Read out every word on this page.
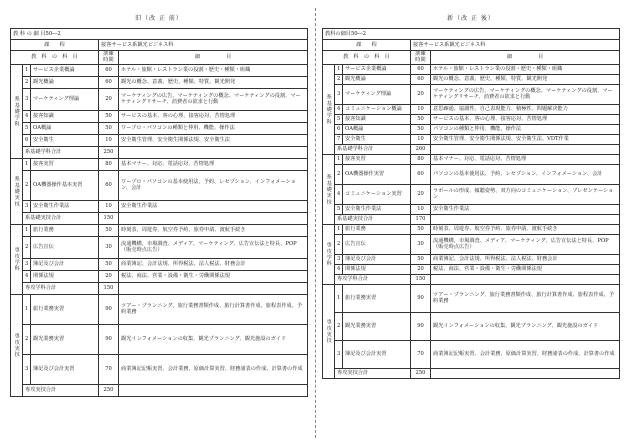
旧（改 正 前）
教 科 の 細 目50―2				
課　　程			接客サービス系観光ビジネス科	
教　科　の　科　目			訓練時間	細　　　　　目
系基礎学科	1	サービス企業概論	60	ホテル・旅館・レストラン業の役割・歴史・種類・組織
	2	観光概論	60	観光の概念、意義、歴史、種類、特質、観光開発
	3	マーケティング理論	20	マーケティングの広告、マーケティングの概念、マーケティングの役割、マーケティングリサーチ、消費者の欲求と行動
	4	接客知識	50	サービスの基本、客の心理、接客応対、苦情処理
	5	OA概論	50	ワープロ・パソコンの種類と仲用、機能、操作法
	6	安全衛生	10	安全衛生管理、安全衛生関係法規、安全衛生法
	系基礎学科合計		250	
系基礎実技	1	接客実習	80	基本マナー、対応、電話応対、苦情処理
	2	OA機器操作基本実習	60	ワープロ・パソコンの基本使用法、予約、レセプション、インフォメーション、会計
	3	安全衛生作業法	10	安全衛生作業法
	系基礎実技合計		150	
専攻学科	1	旅行業務	50	時刻表、周遊券、航空券予約、旅券申請、渡航手続き
	2	広告宣伝	30	流通機構、市場調査、メディア、マーケティング、広告宣伝法と特長、POP（販売時点広告）
	3	簿記及び会計	50	商業簿記、会計法規、所得税法、法人税法、財務会計
	4	関係法規	20	税法、商法、営業・設備・衛生・労働関係法規
	専攻学科合計		150	
専攻実技	1	旅行業務実習	90	ツアー・プランニング、旅行業務書類作成、旅行計算書作成、旅程表作成、予約業務
	2	観光業務実習	90	観光インフォメーションの収集、観光プランニング、観光施設のガイド
	3	簿記及び会計実習	70	商業簿記記帳実習、会計業務、原価計算実習、財務諸表の作成、計算書の作成
	専攻実技合計		250	
新（改 正 後）
教科の細目50―2				
課　　程			接客サービス系観光ビジネス科	
教　科　の　科　目			訓練時間	細　　　　　目
系基礎学科	1	サービス企業概論	60	ホテル・旅館・レストラン業の役割・歴史・種類・組織
	2	観光概論	60	観光の概念、意義、歴史、種類、特質、観光開発
	3	マーケティング理論	20	マーケティングの広告、マーケティングの概念、マーケティングの役割、マーケティングリサーチ、消費者の欲求と行動
	4	コミュニケーション概論	10	意思疎通、協調性、自己表現能力、積極性、問題解決能力
	5	接客知識	50	サービスの基本、客の心理、接客応対、苦情処理
	6	OA概論	50	パソコンの種類と仲用、機能、操作法
	7	安全衛生	10	安全衛生管理、安全衛生関係法規、安全衛生法、VDT作業
	系基礎学科合計		260	
系基礎実技	1	接客実習	80	基本マナー、対応、電話応対、苦情処理
	2	OA機器操作実習	60	パソコンの基本使用法、予約、レセプション、インフォメーション、会計
	4	コミュニケーション実習	20	ラポールの形成、傾聴姿勢、双方向のコミュニケーション、プレゼンテーション
	5	安全衛生作業法	10	安全衛生作業法
	系基礎実技合計		170	
専攻学科	1	旅行業務	50	時刻表、周遊券、航空券予約、旅券申請、渡航手続き
	2	広告宣伝	30	流通機構、市場調査、メディア、マーケティング、広告宣伝法と特長、POP（販売時点広告）
	3	簿記及び会計	50	商業簿記、会計法規、所得税法、法人税法、財務会計
	4	関係法規	20	税法、商法、営業・設備・衛生・労働関係法規
	専攻学科合計		150	
専攻実技	1	旅行業務実習	90	ツアー・プランニング、旅行業務書類作成、旅行計算書作成、旅程表作成、予約業務
	2	観光業務実習	90	観光インフォメーションの収集、観光プランニング、観光施設のガイド
	3	簿記及び会計実習	70	商業簿記記帳実習、会計業務、原価計算実習、財務諸表の作成、計算書の作成
	専攻実技合計		250	
